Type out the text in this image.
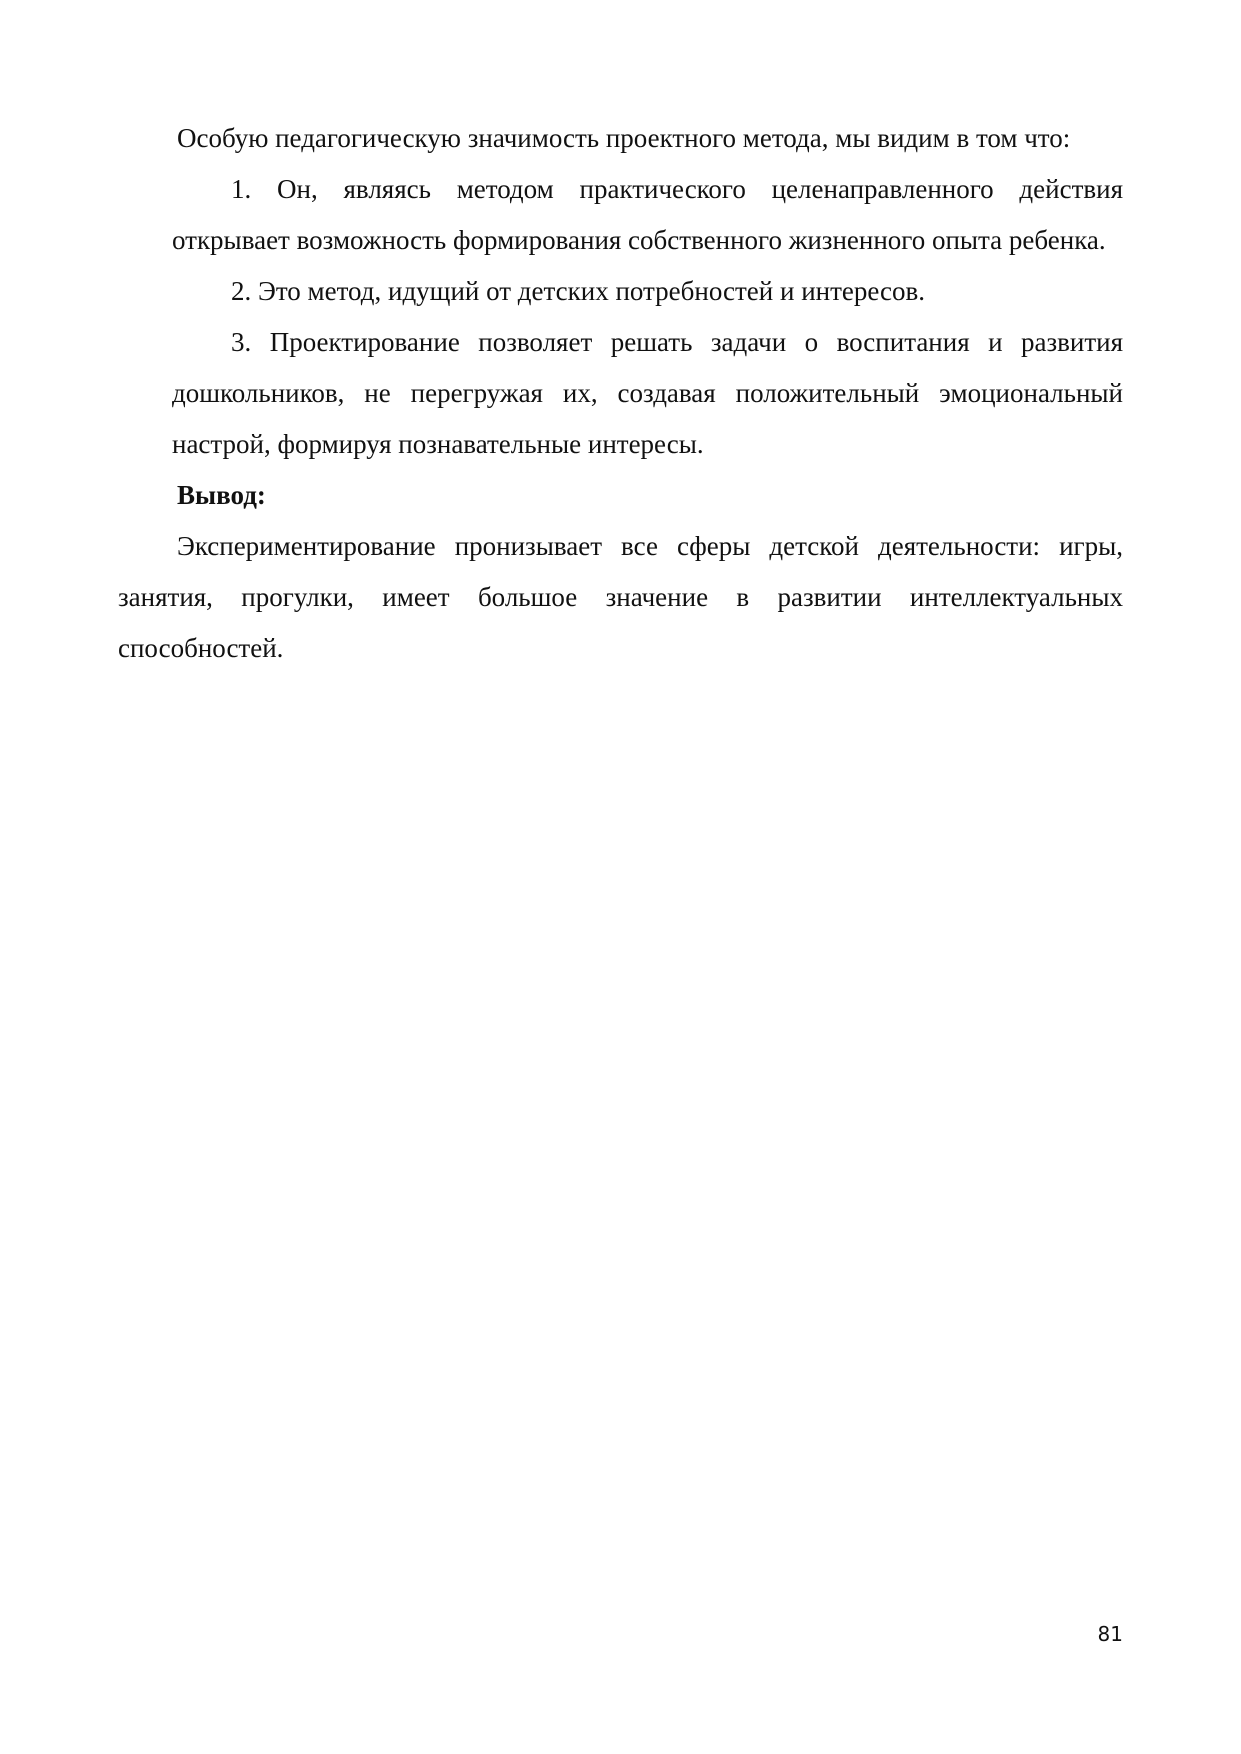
Особую педагогическую значимость проектного метода, мы видим в том что:

1. Он, являясь методом практического целенаправленного действия открывает возможность формирования собственного жизненного опыта ребенка.

2. Это метод, идущий от детских потребностей и интересов.

3. Проектирование позволяет решать задачи о воспитания и развития дошкольников, не перегружая их, создавая положительный эмоциональный настрой, формируя познавательные интересы.

Вывод:

Экспериментирование пронизывает все сферы детской деятельности: игры, занятия, прогулки, имеет большое значение в развитии интеллектуальных способностей.

81
